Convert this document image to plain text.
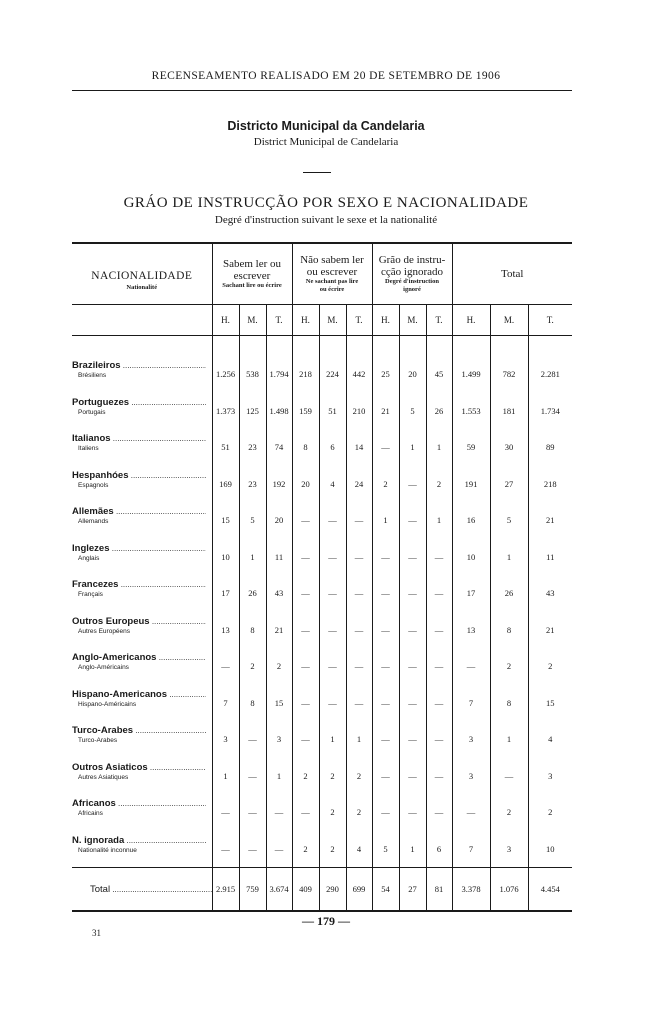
RECENSEAMENTO REALISADO EM 20 DE SETEMBRO DE 1906
Districto Municipal da Candelaria
District Municipal de Candelaria
GRÁO DE INSTRUCÇÃO POR SEXO E NACIONALIDADE
Degré d'instruction suivant le sexe et la nationalité

NACIONALIDADE
Nationalité	Sabem ler ou
escrever
Sachant lire ou écrire			Não sabem ler
ou escrever
Ne sachant pas lire
ou écrire			Grão de instru-
cção ignorado
Degré d'instruction
ignoré			Total		

	H.	M.	T.	H.	M.	T.	H.	M.	T.	H.	M.	T.

Brazileiros .....
Brésiliens	1.256	538	1.794	218	224	442	25	20	45	1.499	782	2.281

Portuguezes .....
Portugais	1.373	125	1.498	159	51	210	21	5	26	1.553	181	1.734

Italianos .....
Italiens	51	23	74	8	6	14	—	1	1	59	30	89

Hespanhóes .....
Espagnols	169	23	192	20	4	24	2	—	2	191	27	218

Allemães .....
Allemands	15	5	20	—	—	—	1	—	1	16	5	21

Inglezes .....
Anglais	10	1	11	—	—	—	—	—	—	10	1	11

Francezes .....
Français	17	26	43	—	—	—	—	—	—	17	26	43

Outros Europeus .....
Autres Européens	13	8	21	—	—	—	—	—	—	13	8	21

Anglo-Americanos .....
Anglo-Américains	—	2	2	—	—	—	—	—	—	—	2	2

Hispano-Americanos .....
Hispano-Américains	7	8	15	—	—	—	—	—	—	7	8	15

Turco-Arabes .....
Turco-Arabes	3	—	3	—	1	1	—	—	—	3	1	4

Outros Asiaticos .....
Autres Asiatiques	1	—	1	2	2	2	—	—	—	3	—	3

Africanos .....
Africains	—	—	—	—	2	2	—	—	—	—	2	2

N. ignorada .....
Nationalité inconnue	—	—	—	2	2	4	5	1	6	7	3	10
Total .....	2.915	759	3.674	409	290	699	54	27	81	3.378	1.076	4.454
— 179 —
31
